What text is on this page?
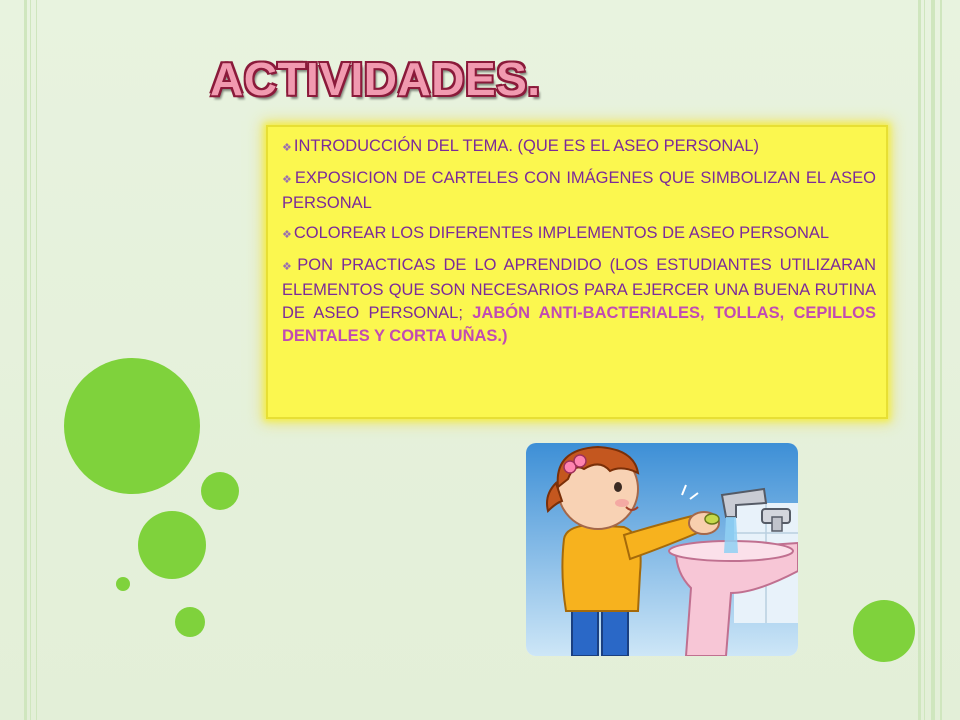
ACTIVIDADES.

❖ INTRODUCCIÓN DEL TEMA. (QUE ES EL ASEO PERSONAL)

❖ EXPOSICION DE CARTELES CON IMÁGENES QUE SIMBOLIZAN EL ASEO PERSONAL

❖ COLOREAR LOS DIFERENTES IMPLEMENTOS DE ASEO PERSONAL

❖ PON PRACTICAS DE LO APRENDIDO (LOS ESTUDIANTES UTILIZARAN ELEMENTOS QUE SON NECESARIOS PARA EJERCER UNA BUENA RUTINA DE ASEO PERSONAL; JABÓN ANTI-BACTERIALES, TOLLAS, CEPILLOS DENTALES Y CORTA UÑAS.)
